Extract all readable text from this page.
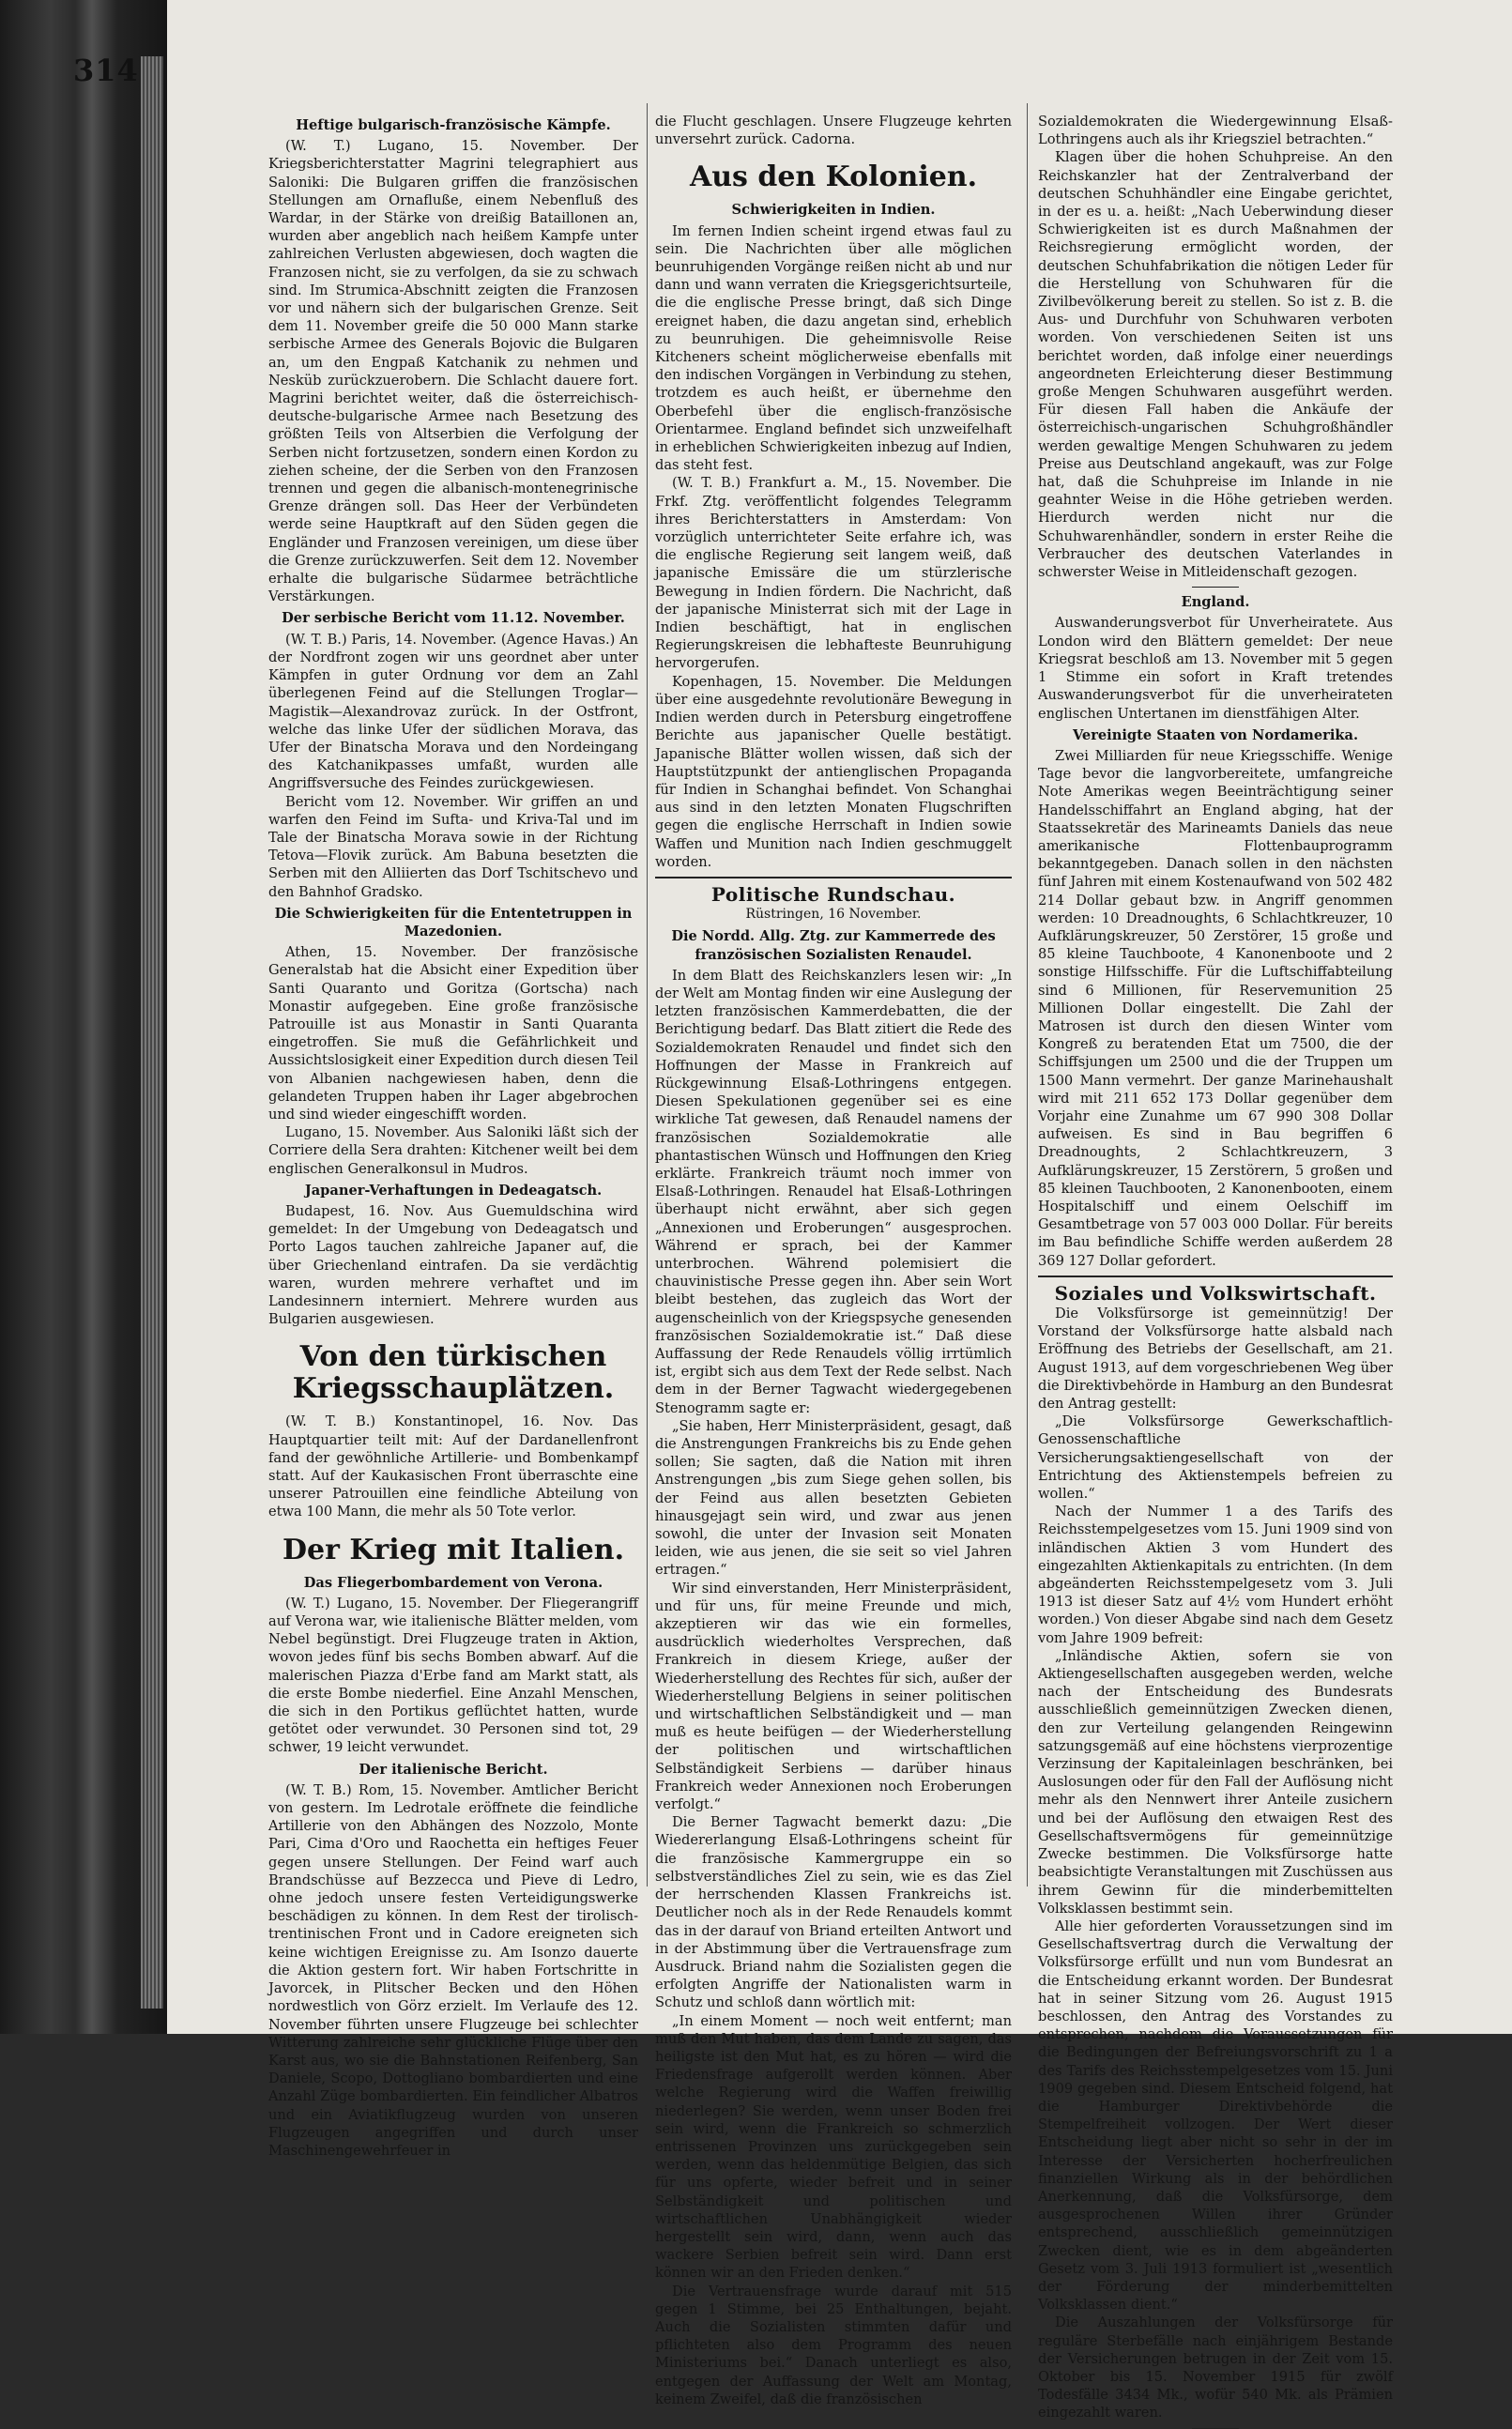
314
Heftige bulgarisch-französische Kämpfe.

(W. T.) Lugano, 15. November. Der Kriegsberichterstatter Magrini telegraphiert aus Saloniki: Die Bulgaren griffen die französischen Stellungen am Ornafluße, einem Nebenfluß des Wardar, in der Stärke von dreißig Bataillonen an, wurden aber angeblich nach heißem Kampfe unter zahlreichen Verlusten abgewiesen, doch wagten die Franzosen nicht, sie zu verfolgen, da sie zu schwach sind. Im Strumica-Abschnitt zeigten die Franzosen vor und nähern sich der bulgarischen Grenze. Seit dem 11. November greife die 50 000 Mann starke serbische Armee des Generals Bojovic die Bulgaren an, um den Engpaß Katchanik zu nehmen und Nesküb zurückzuerobern. Die Schlacht dauere fort. Magrini berichtet weiter, daß die österreichisch-deutsche-bulgarische Armee nach Besetzung des größten Teils von Altserbien die Verfolgung der Serben nicht fortzusetzen, sondern einen Kordon zu ziehen scheine, der die Serben von den Franzosen trennen und gegen die albanisch-montenegrinische Grenze drängen soll. Das Heer der Verbündeten werde seine Hauptkraft auf den Süden gegen die Engländer und Franzosen vereinigen, um diese über die Grenze zurückzuwerfen. Seit dem 12. November erhalte die bulgarische Südarmee beträchtliche Verstärkungen.

Der serbische Bericht vom 11.12. November.

(W. T. B.) Paris, 14. November. (Agence Havas.) An der Nordfront zogen wir uns geordnet aber unter Kämpfen in guter Ordnung vor dem an Zahl überlegenen Feind auf die Stellungen Troglar—Magistik—Alexandrovaz zurück. In der Ostfront, welche das linke Ufer der südlichen Morava, das Ufer der Binatscha Morava und den Nordeingang des Katchanikpasses umfaßt, wurden alle Angriffsversuche des Feindes zurückgewiesen.

Bericht vom 12. November. Wir griffen an und warfen den Feind im Sufta- und Kriva-Tal und im Tale der Binatscha Morava sowie in der Richtung Tetova—Flovik zurück. Am Babuna besetzten die Serben mit den Alliierten das Dorf Tschitschevo und den Bahnhof Gradsko.

Die Schwierigkeiten für die Ententetruppen in Mazedonien.

Athen, 15. November. Der französische Generalstab hat die Absicht einer Expedition über Santi Quaranto und Goritza (Gortscha) nach Monastir aufgegeben. Eine große französische Patrouille ist aus Monastir in Santi Quaranta eingetroffen. Sie muß die Gefährlichkeit und Aussichtslosigkeit einer Expedition durch diesen Teil von Albanien nachgewiesen haben, denn die gelandeten Truppen haben ihr Lager abgebrochen und sind wieder eingeschifft worden.

Lugano, 15. November. Aus Saloniki läßt sich der Corriere della Sera drahten: Kitchener weilt bei dem englischen Generalkonsul in Mudros.

Japaner-Verhaftungen in Dedeagatsch.

Budapest, 16. Nov. Aus Guemuldschina wird gemeldet: In der Umgebung von Dedeagatsch und Porto Lagos tauchen zahlreiche Japaner auf, die über Griechenland eintrafen. Da sie verdächtig waren, wurden mehrere verhaftet und im Landesinnern interniert. Mehrere wurden aus Bulgarien ausgewiesen.

Von den türkischen Kriegsschauplätzen.

(W. T. B.) Konstantinopel, 16. Nov. Das Hauptquartier teilt mit: Auf der Dardanellenfront fand der gewöhnliche Artillerie- und Bombenkampf statt. Auf der Kaukasischen Front überraschte eine unserer Patrouillen eine feindliche Abteilung von etwa 100 Mann, die mehr als 50 Tote verlor.

Der Krieg mit Italien.
Das Fliegerbombardement von Verona.

(W. T.) Lugano, 15. November. Der Fliegerangriff auf Verona war, wie italienische Blätter melden, vom Nebel begünstigt. Drei Flugzeuge traten in Aktion, wovon jedes fünf bis sechs Bomben abwarf. Auf die malerischen Piazza d'Erbe fand am Markt statt, als die erste Bombe niederfiel. Eine Anzahl Menschen, die sich in den Portikus geflüchtet hatten, wurde getötet oder verwundet. 30 Personen sind tot, 29 schwer, 19 leicht verwundet.

Der italienische Bericht.

(W. T. B.) Rom, 15. November. Amtlicher Bericht von gestern. Im Ledrotale eröffnete die feindliche Artillerie von den Abhängen des Nozzolo, Monte Pari, Cima d'Oro und Raochetta ein heftiges Feuer gegen unsere Stellungen. Der Feind warf auch Brandschüsse auf Bezzecca und Pieve di Ledro, ohne jedoch unsere festen Verteidigungswerke beschädigen zu können. In dem Rest der tirolisch-trentinischen Front und in Cadore ereigneten sich keine wichtigen Ereignisse zu. Am Isonzo dauerte die Aktion gestern fort. Wir haben Fortschritte in Javorcek, in Plitscher Becken und den Höhen nordwestlich von Görz erzielt. Im Verlaufe des 12. November führten unsere Flugzeuge bei schlechter Witterung zahlreiche sehr glückliche Flüge über den Karst aus, wo sie die Bahnstationen Reifenberg, San Daniele, Scopo, Dottogliano bombardierten und eine Anzahl Züge bombardierten. Ein feindlicher Albatros und ein Aviatikflugzeug wurden von unseren Flugzeugen angegriffen und durch unser Maschinengewehrfeuer in

die Flucht geschlagen. Unsere Flugzeuge kehrten unversehrt zurück. Cadorna.

Aus den Kolonien.
Schwierigkeiten in Indien.

Im fernen Indien scheint irgend etwas faul zu sein. Die Nachrichten über alle möglichen beunruhigenden Vorgänge reißen nicht ab und nur dann und wann verraten die Kriegsgerichtsurteile, die die englische Presse bringt, daß sich Dinge ereignet haben, die dazu angetan sind, erheblich zu beunruhigen. Die geheimnisvolle Reise Kitcheners scheint möglicherweise ebenfalls mit den indischen Vorgängen in Verbindung zu stehen, trotzdem es auch heißt, er übernehme den Oberbefehl über die englisch-französische Orientarmee. England befindet sich unzweifelhaft in erheblichen Schwierigkeiten inbezug auf Indien, das steht fest.

(W. T. B.) Frankfurt a. M., 15. November. Die Frkf. Ztg. veröffentlicht folgendes Telegramm ihres Berichterstatters in Amsterdam: Von vorzüglich unterrichteter Seite erfahre ich, was die englische Regierung seit langem weiß, daß japanische Emissäre die um stürzlerische Bewegung in Indien fördern. Die Nachricht, daß der japanische Ministerrat sich mit der Lage in Indien beschäftigt, hat in englischen Regierungskreisen die lebhafteste Beunruhigung hervorgerufen.

Kopenhagen, 15. November. Die Meldungen über eine ausgedehnte revolutionäre Bewegung in Indien werden durch in Petersburg eingetroffene Berichte aus japanischer Quelle bestätigt. Japanische Blätter wollen wissen, daß sich der Hauptstützpunkt der antienglischen Propaganda für Indien in Schanghai befindet. Von Schanghai aus sind in den letzten Monaten Flugschriften gegen die englische Herrschaft in Indien sowie Waffen und Munition nach Indien geschmuggelt worden.

Politische Rundschau.
Rüstringen, 16 November.
Die Nordd. Allg. Ztg. zur Kammerrede des französischen Sozialisten Renaudel.

In dem Blatt des Reichskanzlers lesen wir: „In der Welt am Montag finden wir eine Auslegung der letzten französischen Kammerdebatten, die der Berichtigung bedarf. Das Blatt zitiert die Rede des Sozialdemokraten Renaudel und findet sich den Hoffnungen der Masse in Frankreich auf Rückgewinnung Elsaß-Lothringens entgegen. Diesen Spekulationen gegenüber sei es eine wirkliche Tat gewesen, daß Renaudel namens der französischen Sozialdemokratie alle phantastischen Wünsch und Hoffnungen den Krieg erklärte. Frankreich träumt noch immer von Elsaß-Lothringen. Renaudel hat Elsaß-Lothringen überhaupt nicht erwähnt, aber sich gegen „Annexionen und Eroberungen“ ausgesprochen. Während er sprach, bei der Kammer unterbrochen. Während polemisiert die chauvinistische Presse gegen ihn. Aber sein Wort bleibt bestehen, das zugleich das Wort der augenscheinlich von der Kriegspsyche genesenden französischen Sozialdemokratie ist.“ Daß diese Auffassung der Rede Renaudels völlig irrtümlich ist, ergibt sich aus dem Text der Rede selbst. Nach dem in der Berner Tagwacht wiedergegebenen Stenogramm sagte er:

„Sie haben, Herr Ministerpräsident, gesagt, daß die Anstrengungen Frankreichs bis zu Ende gehen sollen; Sie sagten, daß die Nation mit ihren Anstrengungen „bis zum Siege gehen sollen, bis der Feind aus allen besetzten Gebieten hinausgejagt sein wird, und zwar aus jenen sowohl, die unter der Invasion seit Monaten leiden, wie aus jenen, die sie seit so viel Jahren ertragen.“

Wir sind einverstanden, Herr Ministerpräsident, und für uns, für meine Freunde und mich, akzeptieren wir das wie ein formelles, ausdrücklich wiederholtes Versprechen, daß Frankreich in diesem Kriege, außer der Wiederherstellung des Rechtes für sich, außer der Wiederherstellung Belgiens in seiner politischen und wirtschaftlichen Selbständigkeit und — man muß es heute beifügen — der Wiederherstellung der politischen und wirtschaftlichen Selbständigkeit Serbiens — darüber hinaus Frankreich weder Annexionen noch Eroberungen verfolgt.“

Die Berner Tagwacht bemerkt dazu: „Die Wiedererlangung Elsaß-Lothringens scheint für die französische Kammergruppe ein so selbstverständliches Ziel zu sein, wie es das Ziel der herrschenden Klassen Frankreichs ist. Deutlicher noch als in der Rede Renaudels kommt das in der darauf von Briand erteilten Antwort und in der Abstimmung über die Vertrauensfrage zum Ausdruck. Briand nahm die Sozialisten gegen die erfolgten Angriffe der Nationalisten warm in Schutz und schloß dann wörtlich mit:

„In einem Moment — noch weit entfernt; man muß den Mut haben, das dem Lande zu sagen, das heiligste ist den Mut hat, es zu hören — wird die Friedensfrage aufgerollt werden können. Aber welche Regierung wird die Waffen freiwillig niederlegen? Sie werden, wenn unser Boden frei sein wird, wenn die Frankreich so schmerzlich entrissenen Provinzen uns zurückgegeben sein werden, wenn das heldenmütige Belgien, das sich für uns opferte, wieder befreit und in seiner Selbständigkeit und politischen und wirtschaftlichen Unabhängigkeit wieder hergestellt sein wird, dann, wenn auch das wackere Serbien befreit sein wird. Dann erst können wir an den Frieden denken.“

Die Vertrauensfrage wurde darauf mit 515 gegen 1 Stimme, bei 25 Enthaltungen, bejaht. Auch die Sozialisten stimmten dafür und pflichteten also dem Programm des neuen Ministeriums bei.“ Danach unterliegt es also, entgegen der Auffassung der Welt am Montag, keinem Zweifel, daß die französischen

Sozialdemokraten die Wiedergewinnung Elsaß-Lothringens auch als ihr Kriegsziel betrachten.“

Klagen über die hohen Schuhpreise. An den Reichskanzler hat der Zentralverband der deutschen Schuhhändler eine Eingabe gerichtet, in der es u. a. heißt: „Nach Ueberwindung dieser Schwierigkeiten ist es durch Maßnahmen der Reichsregierung ermöglicht worden, der deutschen Schuhfabrikation die nötigen Leder für die Herstellung von Schuhwaren für die Zivilbevölkerung bereit zu stellen. So ist z. B. die Aus- und Durchfuhr von Schuhwaren verboten worden. Von verschiedenen Seiten ist uns berichtet worden, daß infolge einer neuerdings angeordneten Erleichterung dieser Bestimmung große Mengen Schuhwaren ausgeführt werden. Für diesen Fall haben die Ankäufe der österreichisch-ungarischen Schuhgroßhändler werden gewaltige Mengen Schuhwaren zu jedem Preise aus Deutschland angekauft, was zur Folge hat, daß die Schuhpreise im Inlande in nie geahnter Weise in die Höhe getrieben werden. Hierdurch werden nicht nur die Schuhwarenhändler, sondern in erster Reihe die Verbraucher des deutschen Vaterlandes in schwerster Weise in Mitleidenschaft gezogen.

England.

Auswanderungsverbot für Unverheiratete. Aus London wird den Blättern gemeldet: Der neue Kriegsrat beschloß am 13. November mit 5 gegen 1 Stimme ein sofort in Kraft tretendes Auswanderungsverbot für die unverheirateten englischen Untertanen im dienstfähigen Alter.

Vereinigte Staaten von Nordamerika.

Zwei Milliarden für neue Kriegsschiffe. Wenige Tage bevor die langvorbereitete, umfangreiche Note Amerikas wegen Beeinträchtigung seiner Handelsschiffahrt an England abging, hat der Staatssekretär des Marineamts Daniels das neue amerikanische Flottenbauprogramm bekanntgegeben. Danach sollen in den nächsten fünf Jahren mit einem Kostenaufwand von 502 482 214 Dollar gebaut bzw. in Angriff genommen werden: 10 Dreadnoughts, 6 Schlachtkreuzer, 10 Aufklärungskreuzer, 50 Zerstörer, 15 große und 85 kleine Tauchboote, 4 Kanonenboote und 2 sonstige Hilfsschiffe. Für die Luftschiffabteilung sind 6 Millionen, für Reservemunition 25 Millionen Dollar eingestellt. Die Zahl der Matrosen ist durch den diesen Winter vom Kongreß zu beratenden Etat um 7500, die der Schiffsjungen um 2500 und die der Truppen um 1500 Mann vermehrt. Der ganze Marinehaushalt wird mit 211 652 173 Dollar gegenüber dem Vorjahr eine Zunahme um 67 990 308 Dollar aufweisen. Es sind in Bau begriffen 6 Dreadnoughts, 2 Schlachtkreuzern, 3 Aufklärungskreuzer, 15 Zerstörern, 5 großen und 85 kleinen Tauchbooten, 2 Kanonenbooten, einem Hospitalschiff und einem Oelschiff im Gesamtbetrage von 57 003 000 Dollar. Für bereits im Bau befindliche Schiffe werden außerdem 28 369 127 Dollar gefordert.

Soziales und Volkswirtschaft.

Die Volksfürsorge ist gemeinnützig! Der Vorstand der Volksfürsorge hatte alsbald nach Eröffnung des Betriebs der Gesellschaft, am 21. August 1913, auf dem vorgeschriebenen Weg über die Direktivbehörde in Hamburg an den Bundesrat den Antrag gestellt:

„Die Volksfürsorge Gewerkschaftlich-Genossenschaftliche Versicherungsaktiengesellschaft von der Entrichtung des Aktienstempels befreien zu wollen.“

Nach der Nummer 1 a des Tarifs des Reichsstempelgesetzes vom 15. Juni 1909 sind von inländischen Aktien 3 vom Hundert des eingezahlten Aktienkapitals zu entrichten. (In dem abgeänderten Reichsstempelgesetz vom 3. Juli 1913 ist dieser Satz auf 4½ vom Hundert erhöht worden.) Von dieser Abgabe sind nach dem Gesetz vom Jahre 1909 befreit:

„Inländische Aktien, sofern sie von Aktiengesellschaften ausgegeben werden, welche nach der Entscheidung des Bundesrats ausschließlich gemeinnützigen Zwecken dienen, den zur Verteilung gelangenden Reingewinn satzungsgemäß auf eine höchstens vierprozentige Verzinsung der Kapitaleinlagen beschränken, bei Auslosungen oder für den Fall der Auflösung nicht mehr als den Nennwert ihrer Anteile zusichern und bei der Auflösung den etwaigen Rest des Gesellschaftsvermögens für gemeinnützige Zwecke bestimmen. Die Volksfürsorge hatte beabsichtigte Veranstaltungen mit Zuschüssen aus ihrem Gewinn für die minderbemittelten Volksklassen bestimmt sein.

Alle hier geforderten Voraussetzungen sind im Gesellschaftsvertrag durch die Verwaltung der Volksfürsorge erfüllt und nun vom Bundesrat an die Entscheidung erkannt worden. Der Bundesrat hat in seiner Sitzung vom 26. August 1915 beschlossen, den Antrag des Vorstandes zu entsprechen, nachdem die Voraussetzungen für die Bedingungen der Befreiungsvorschrift zu 1 a des Tarifs des Reichsstempelgesetzes vom 15. Juni 1909 gegeben sind. Diesem Entscheid folgend, hat die Hamburger Direktivbehörde die Stempelfreiheit vollzogen. Der Wert dieser Entscheidung liegt aber nicht so sehr in der im Interesse der Versicherten hocherfreulichen finanziellen Wirkung als in der behördlichen Anerkennung, daß die Volksfürsorge, dem ausgesprochenen Willen ihrer Gründer entsprechend, ausschließlich gemeinnützigen Zwecken dient, wie es in dem abgeänderten Gesetz vom 3. Juli 1913 formuliert ist „wesentlich der Förderung der minderbemittelten Volksklassen dient.“

Die Auszahlungen der Volksfürsorge für reguläre Sterbefälle nach einjährigem Bestande der Versicherungen betrugen in der Zeit vom 15. Oktober bis 15. November 1915 für zwölf Todesfälle 3434 Mk., wofür 540 Mk. als Prämien eingezahlt waren.
